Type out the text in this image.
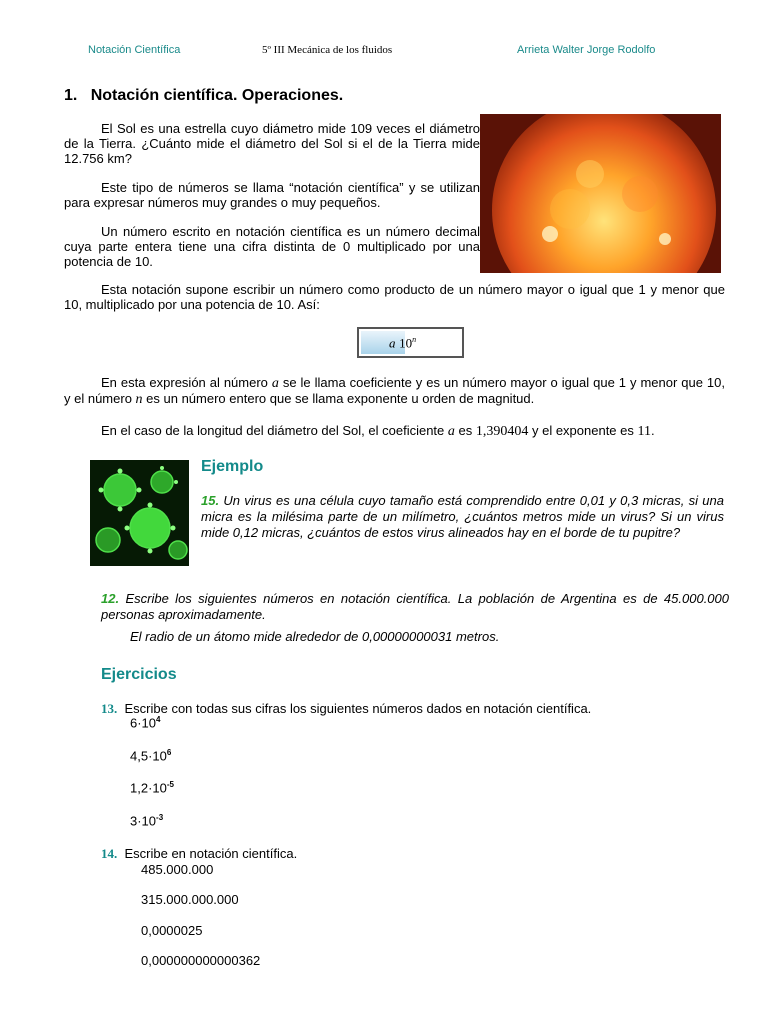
Notación Científica	5º III Mecánica de los fluidos	Arrieta Walter Jorge Rodolfo
1. Notación científica. Operaciones.

El Sol es una estrella cuyo diámetro mide 109 veces el diámetro de la Tierra. ¿Cuánto mide el diámetro del Sol si el de la Tierra mide 12.756 km?

Este tipo de números se llama “notación científica” y se utilizan para expresar números muy grandes o muy pequeños.

Un número escrito en notación científica es un número decimal cuya parte entera tiene una cifra distinta de 0 multiplicado por una potencia de 10.

Esta notación supone escribir un número como producto de un número mayor o igual que 1 y menor que 10, multiplicado por una potencia de 10. Así:

a 10$^n$

En esta expresión al número a se le llama coeficiente y es un número mayor o igual que 1 y menor que 10, y el número n es un número entero que se llama exponente u orden de magnitud.

En el caso de la longitud del diámetro del Sol, el coeficiente a es 1,390404 y el exponente es 11.

Ejemplo

15. Un virus es una célula cuyo tamaño está comprendido entre 0,01 y 0,3 micras, si una micra es la milésima parte de un milímetro, ¿cuántos metros mide un virus? Si un virus mide 0,12 micras, ¿cuántos de estos virus alineados hay en el borde de tu pupitre?

12. Escribe los siguientes números en notación científica. La población de Argentina es de 45.000.000 personas aproximadamente.

El radio de un átomo mide alrededor de 0,00000000031 metros.

Ejercicios
13. Escribe con todas sus cifras los siguientes números dados en notación científica.
$6\cdot 10^4$
$4,5\cdot 10^6$
$1,2\cdot 10^{-5}$
$3\cdot 10^{-3}$
14. Escribe en notación científica.
485.000.000
315.000.000.000
0,0000025
0,000000000000362
